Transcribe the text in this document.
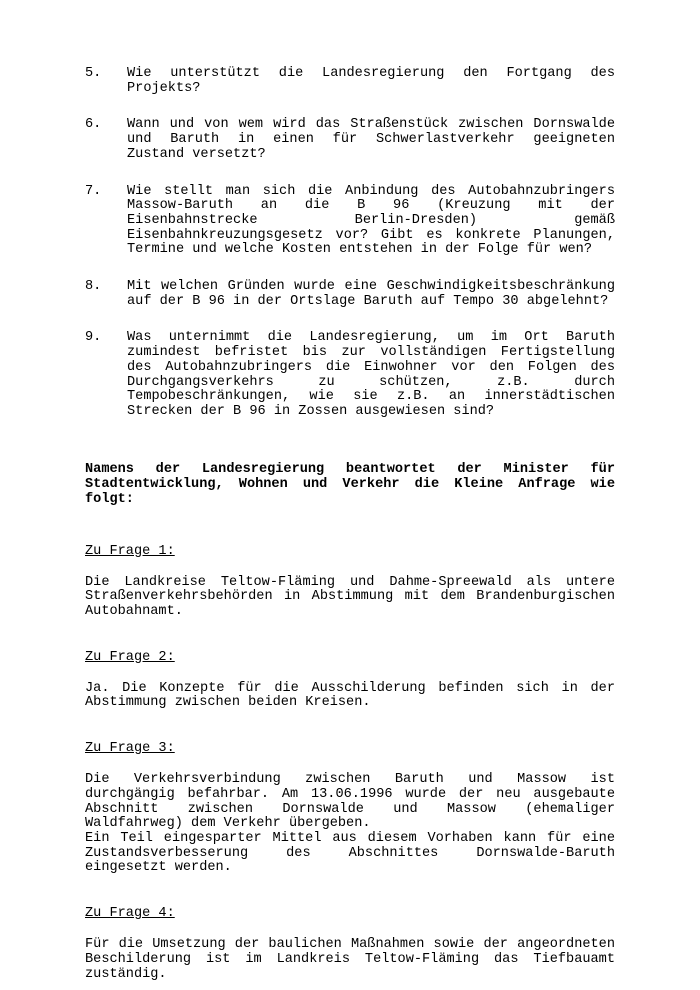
5.	Wie unterstützt die Landesregierung den Fortgang des Projekts?
6.	Wann und von wem wird das Straßenstück zwischen Dornswalde und Baruth in einen für Schwerlastverkehr geeigneten Zustand versetzt?
7.	Wie stellt man sich die Anbindung des Autobahnzubringers Massow-Baruth an die B 96 (Kreuzung mit der Eisenbahnstrecke Berlin-Dresden) gemäß Eisenbahnkreuzungsgesetz vor? Gibt es konkrete Planungen, Termine und welche Kosten entstehen in der Folge für wen?
8.	Mit welchen Gründen wurde eine Geschwindigkeitsbeschränkung auf der B 96 in der Ortslage Baruth auf Tempo 30 abgelehnt?
9.	Was unternimmt die Landesregierung, um im Ort Baruth zumindest befristet bis zur vollständigen Fertigstellung des Autobahnzubringers die Einwohner vor den Folgen des Durchgangsverkehrs zu schützen, z.B. durch Tempobeschränkungen, wie sie z.B. an innerstädtischen Strecken der B 96 in Zossen ausgewiesen sind?
Namens der Landesregierung beantwortet der Minister für Stadtentwicklung, Wohnen und Verkehr die Kleine Anfrage wie folgt:
Zu Frage 1:

Die Landkreise Teltow-Fläming und Dahme-Spreewald als untere Straßenverkehrsbehörden in Abstimmung mit dem Brandenburgischen Autobahnamt.

Zu Frage 2:

Ja. Die Konzepte für die Ausschilderung befinden sich in der Abstimmung zwischen beiden Kreisen.

Zu Frage 3:

Die Verkehrsverbindung zwischen Baruth und Massow ist durchgängig befahrbar. Am 13.06.1996 wurde der neu ausgebaute Abschnitt zwischen Dornswalde und Massow (ehemaliger Waldfahrweg) dem Verkehr übergeben.

Ein Teil eingesparter Mittel aus diesem Vorhaben kann für eine Zustandsverbesserung des Abschnittes Dornswalde-Baruth eingesetzt werden.

Zu Frage 4:

Für die Umsetzung der baulichen Maßnahmen sowie der angeordneten Beschilderung ist im Landkreis Teltow-Fläming das Tiefbauamt zuständig.
